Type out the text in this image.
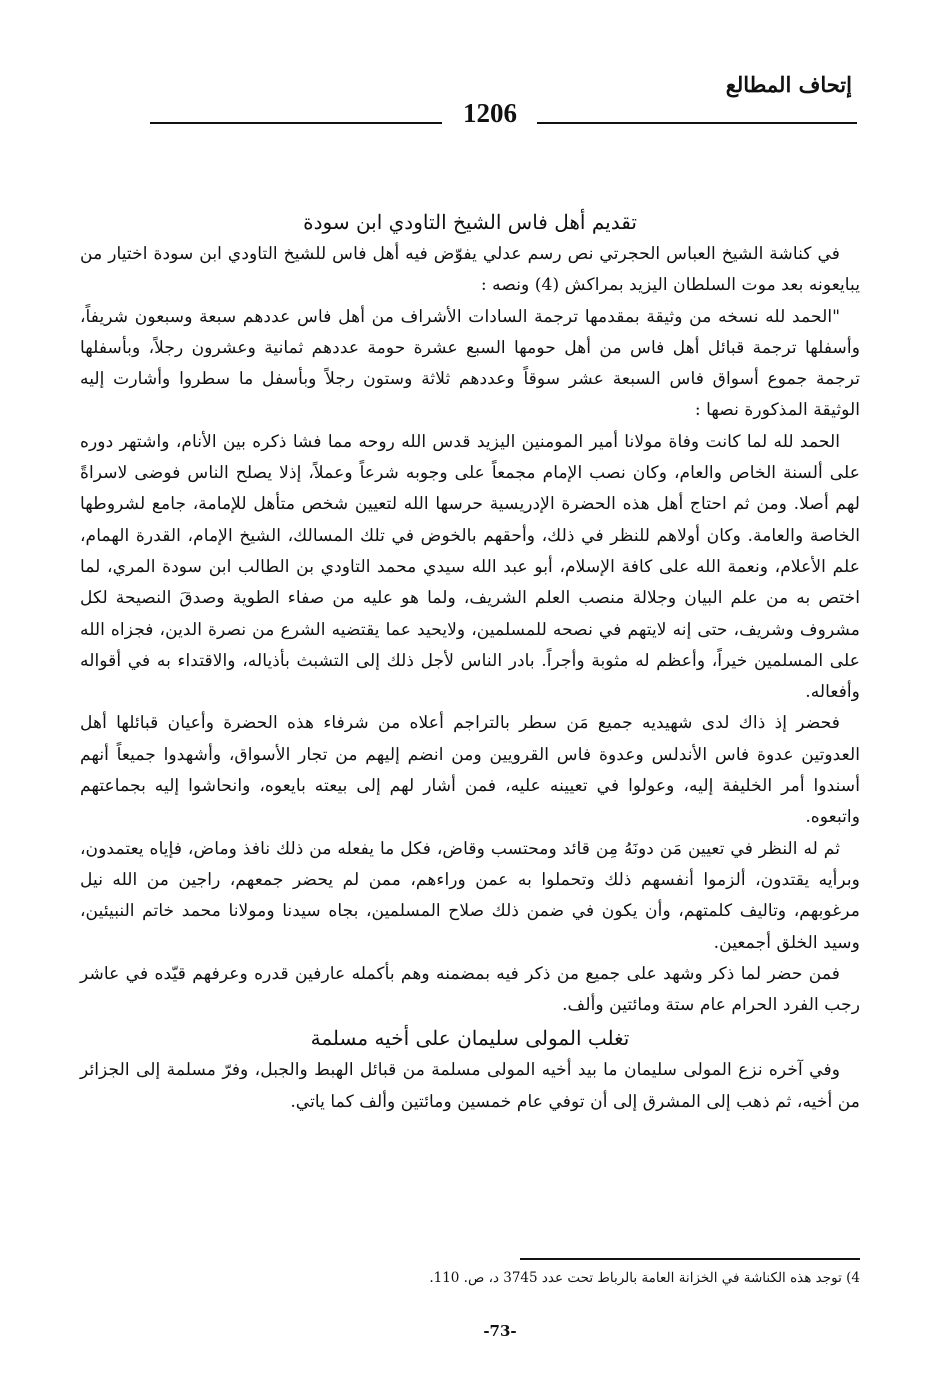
إتحاف المطالع
1206
تقديم أهل فاس الشيخ التاودي ابن سودة

في كناشة الشيخ العباس الحجرتي نص رسم عدلي يفوّض فيه أهل فاس للشيخ التاودي ابن سودة اختيار من يبايعونه بعد موت السلطان اليزيد بمراكش (4) ونصه :

"الحمد لله نسخه من وثيقة بمقدمها ترجمة السادات الأشراف من أهل فاس عددهم سبعة وسبعون شريفاً، وأسفلها ترجمة قبائل أهل فاس من أهل حومها السبع عشرة حومة عددهم ثمانية وعشرون رجلاً، وبأسفلها ترجمة جموع أسواق فاس السبعة عشر سوقاً وعددهم ثلاثة وستون رجلاً وبأسفل ما سطروا وأشارت إليه الوثيقة المذكورة نصها :

الحمد لله لما كانت وفاة مولانا أمير المومنين اليزيد قدس الله روحه مما فشا ذكره بين الأنام، واشتهر دوره على ألسنة الخاص والعام، وكان نصب الإمام مجمعاً على وجوبه شرعاً وعملاً، إذلا يصلح الناس فوضى لاسراةً لهم أصلا. ومن ثم احتاج أهل هذه الحضرة الإدريسية حرسها الله لتعيين شخص متأهل للإمامة، جامع لشروطها الخاصة والعامة. وكان أولاهم للنظر في ذلك، وأحقهم بالخوض في تلك المسالك، الشيخ الإمام، القدرة الهمام، علم الأعلام، ونعمة الله على كافة الإسلام، أبو عبد الله سيدي محمد التاودي بن الطالب ابن سودة المري، لما اختص به من علم البيان وجلالة منصب العلم الشريف، ولما هو عليه من صفاء الطوية وصدقَ النصيحة لكل مشروف وشريف، حتى إنه لايتهم في نصحه للمسلمين، ولايحيد عما يقتضيه الشرع من نصرة الدين، فجزاه الله على المسلمين خيراً، وأعظم له مثوبة وأجراً. بادر الناس لأجل ذلك إلى التشبث بأذياله، والاقتداء به في أقواله وأفعاله.

فحضر إذ ذاك لدى شهيديه جميع مَن سطر بالتراجم أعلاه من شرفاء هذه الحضرة وأعيان قبائلها أهل العدوتين عدوة فاس الأندلس وعدوة فاس القرويين ومن انضم إليهم من تجار الأسواق، وأشهدوا جميعاً أنهم أسندوا أمر الخليفة إليه، وعولوا في تعيينه عليه، فمن أشار لهم إلى بيعته بايعوه، وانحاشوا إليه بجماعتهم واتبعوه.

ثم له النظر في تعيين مَن دونَهُ مِن قائد ومحتسب وقاض، فكل ما يفعله من ذلك نافذ وماض، فإياه يعتمدون، وبرأيه يقتدون، ألزموا أنفسهم ذلك وتحملوا به عمن وراءهم، ممن لم يحضر جمعهم، راجين من الله نيل مرغوبهم، وتاليف كلمتهم، وأن يكون في ضمن ذلك صلاح المسلمين، بجاه سيدنا ومولانا محمد خاتم النبيئين، وسيد الخلق أجمعين.

فمن حضر لما ذكر وشهد على جميع من ذكر فيه بمضمنه وهم بأكمله عارفين قدره وعرفهم قيّده في عاشر رجب الفرد الحرام عام ستة ومائتين وألف.

تغلب المولى سليمان على أخيه مسلمة

وفي آخره نزع المولى سليمان ما بيد أخيه المولى مسلمة من قبائل الهبط والجبل، وفرّ مسلمة إلى الجزائر من أخيه، ثم ذهب إلى المشرق إلى أن توفي عام خمسين ومائتين وألف كما ياتي.

4) توجد هذه الكناشة في الخزانة العامة بالرباط تحت عدد 3745 د، ص. 110.
-73-
